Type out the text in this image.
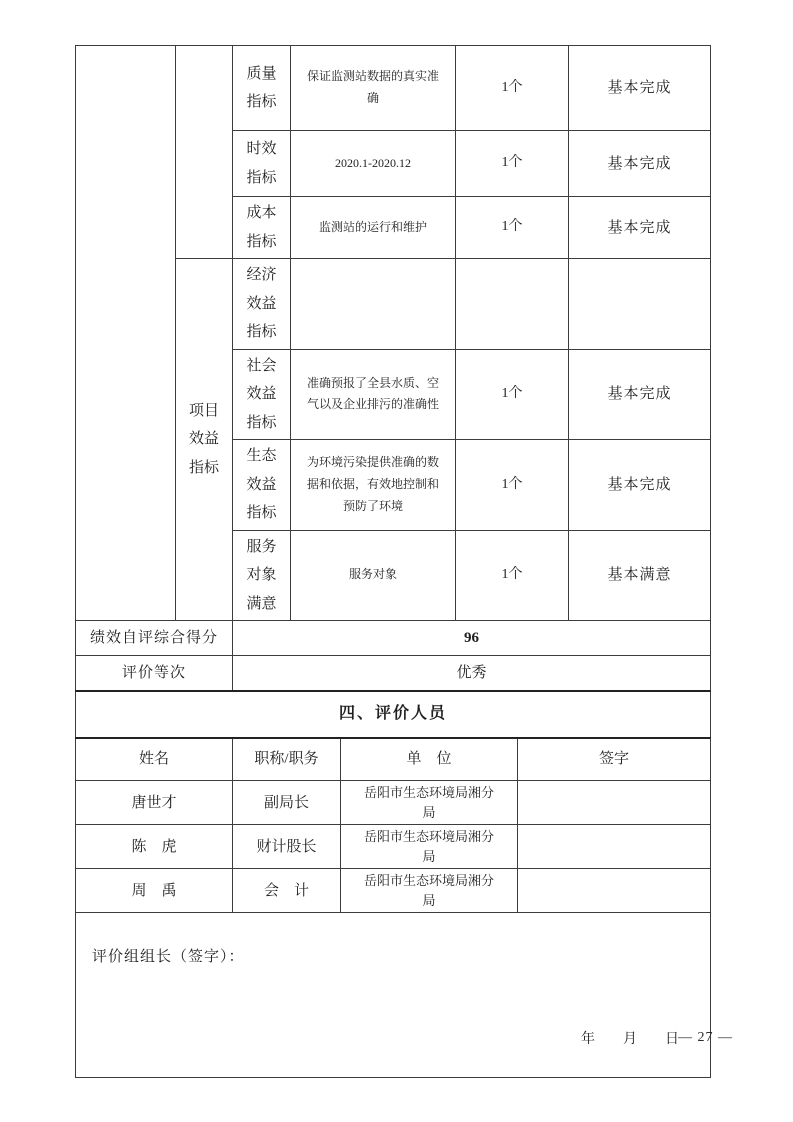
		质量指标	保证监测站数据的真实准确		1个		基本完成
		时效指标	2020.1-2020.12		1个		基本完成
		成本指标	监测站的运行和维护		1个		基本完成
	项目效益指标	经济效益指标					
		社会效益指标	准确预报了全县水质、空气以及企业排污的准确性		1个		基本完成
		生态效益指标	为环境污染提供准确的数据和依据，有效地控制和预防了环境		1个		基本完成
		服务对象满意	服务对象		1个		基本满意
绩效自评综合得分		96					
评价等次		优秀					
四、评价人员							
姓名		职称/职务		单　位		签字	
唐世才		副局长		岳阳市生态环境局湘分局			
陈　虎		财计股长		岳阳市生态环境局湘分局			
周　禹		会　计		岳阳市生态环境局湘分局			

评价组组长（签字）：
年　　月　　日							— 27 —
